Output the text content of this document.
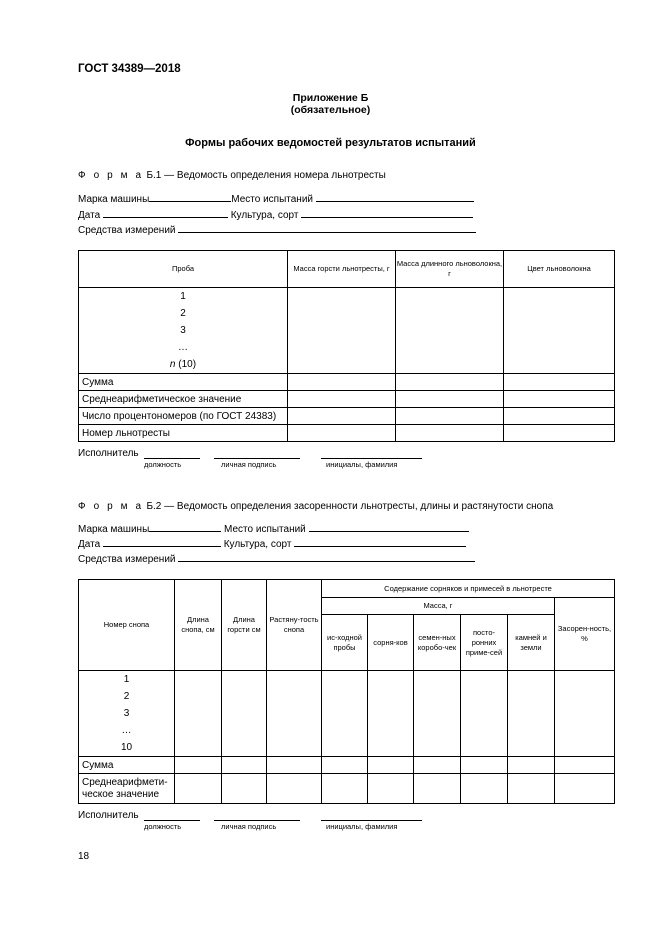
ГОСТ 34389—2018
Приложение Б
(обязательное)
Формы рабочих ведомостей результатов испытаний
Ф о р м а Б.1 — Ведомость определения номера льнотресты
Марка машины	Место испытаний
Дата	Культура, сорт
Средства измерений
Проба	Масса горсти льнотресты, г	Масса длинного льноволокна, г	Цвет льноволокна

1
2
3
…
n (10)			

Сумма			
Среднеарифметическое значение			
Число процентономеров (по ГОСТ 24383)			
Номер льнотресты			
Исполнитель
должность	личная подпись	инициалы, фамилия
Ф о р м а Б.2 — Ведомость определения засоренности льнотресты, длины и растянутости снопа
Марка машины	Место испытаний
Дата	Культура, сорт
Средства измерений
Номер снопа	Длина снопа, см	Длина горсти см	Растяну-тость снопа	Содержание сорняков и примесей в льнотресте					
				Масса, г					Засорен-ность, %
				ис-ходной пробы	сорня-ков	семен-ных коробо-чек	посто-ронних приме-сей	камней и земли	

1
2
3
…
10									

Сумма									
Среднеарифмети-ческое значение									
Исполнитель
должность	личная подпись	инициалы, фамилия
18
